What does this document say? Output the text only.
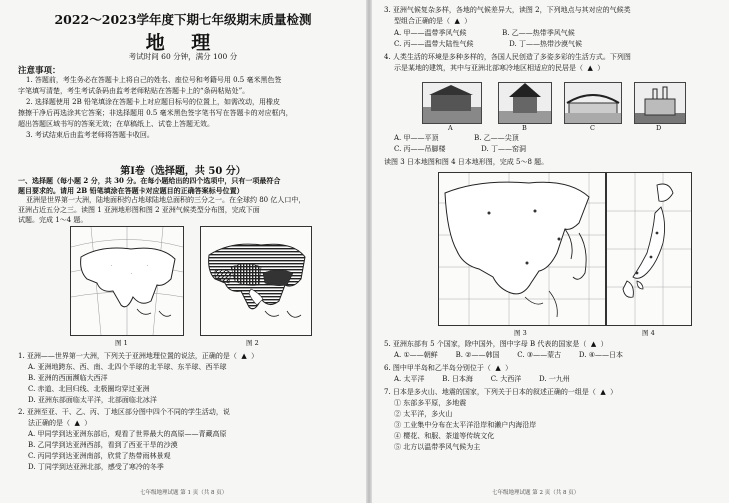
2022～2023学年度下期七年级期末质量检测
地 理
考试时间 60 分钟，满分 100 分
注意事项：
1. 答题前，考生务必在答题卡上将自己的姓名、座位号和考籍号用 0.5 毫米黑色签
字笔填写清楚，考生考试条码由监考老师粘贴在答题卡上的“条码粘贴处”。
2. 选择题使用 2B 铅笔填涂在答题卡上对应题目标号的位置上，如需改动，用橡皮
擦擦干净后再选涂其它答案；非选择题用 0.5 毫米黑色签字笔书写在答题卡的对应框内，
超出答题区域书写的答案无效；在草稿纸上、试卷上答题无效。
3. 考试结束后由监考老师将答题卡收回。
第Ⅰ卷（选择题，共 50 分）
一、选择题（每小题 2 分，共 30 分。在每小题给出的四个选项中，只有一项最符合
题目要求的。请用 2B 铅笔填涂在答题卡对应题目的正确答案标号位置）
亚洲是世界第一大洲，陆地面积约占地球陆地总面积的三分之一。在全球约 80 亿人口中，
亚洲占近五分之三。读图 1 亚洲地形图和图 2 亚洲气候类型分布图，完成下面
试题。完成 1～4 题。
·
·
·
图 1	图 2
1. 亚洲——世界第一大洲，下列关于亚洲地理位置的说法，正确的是（  ▲  ）
A. 亚洲地跨东、西、南、北四个半球的北半球、东半球、西半球
B. 亚洲的西面濒临大西洋
C. 赤道、北回归线、北极圈均穿过亚洲
D. 亚洲东部面临太平洋，北部面临北冰洋
2. 亚洲至亚、干、乙、丙、丁地区部分图中四个不同的学生活动，说
法正确的是（  ▲  ）
A. 甲同学到达亚洲东部后，观看了世界最大的高原——青藏高原
B. 乙同学到达亚洲西部，看到了西亚干旱的沙漠
C. 丙同学到达亚洲南部，欣赏了热带雨林景观
D. 丁同学到达亚洲北部，感受了寒冷的冬季
七年级地理试题 第 1 页（共 8 页）
3. 亚洲气候复杂多样，各地的气候差异大，读图 2，下列地点与其对应的气候类
型组合正确的是（  ▲  ）
A. 甲——温带季风气候                B. 乙——热带季风气候
C. 丙——温带大陆性气候                D. 丁——热带沙漠气候
4. 人类生活的环境是多种多样的，各国人民创造了多姿多彩的生活方式。下列图
示是某地的建筑，其中与亚洲北部寒冷地区相适应的民居是（  ▲  ）
A	B	C	D
A. 甲——平顶                B. 乙——尖顶
C. 丙——吊脚楼                D. 丁——窑洞
读图 3 日本地图和图 4 日本地形图，完成 5～8 题。
图 3	图 4
5. 亚洲东部有 5 个国家，除中国外，图中字母 B 代表的国家是（  ▲  ）
A. ①——朝鲜        B. ②——韩国        C. ③——蒙古        D. ④——日本
6. 图中甲半岛和乙半岛分别位于（  ▲  ）
A. 太平洋        B. 日本海        C. 大西洋        D. 一九州
7. 日本是多火山、地震的国家，下列关于日本的叙述正确的一组是（  ▲  ）
① 东部多平原，多地震
② 太平洋，多火山
③ 工业集中分布在太平洋沿岸和濑户内海沿岸
④ 樱花、和服、茶道等传统文化
⑤ 北方以温带季风气候为主
七年级地理试题 第 2 页（共 8 页）
